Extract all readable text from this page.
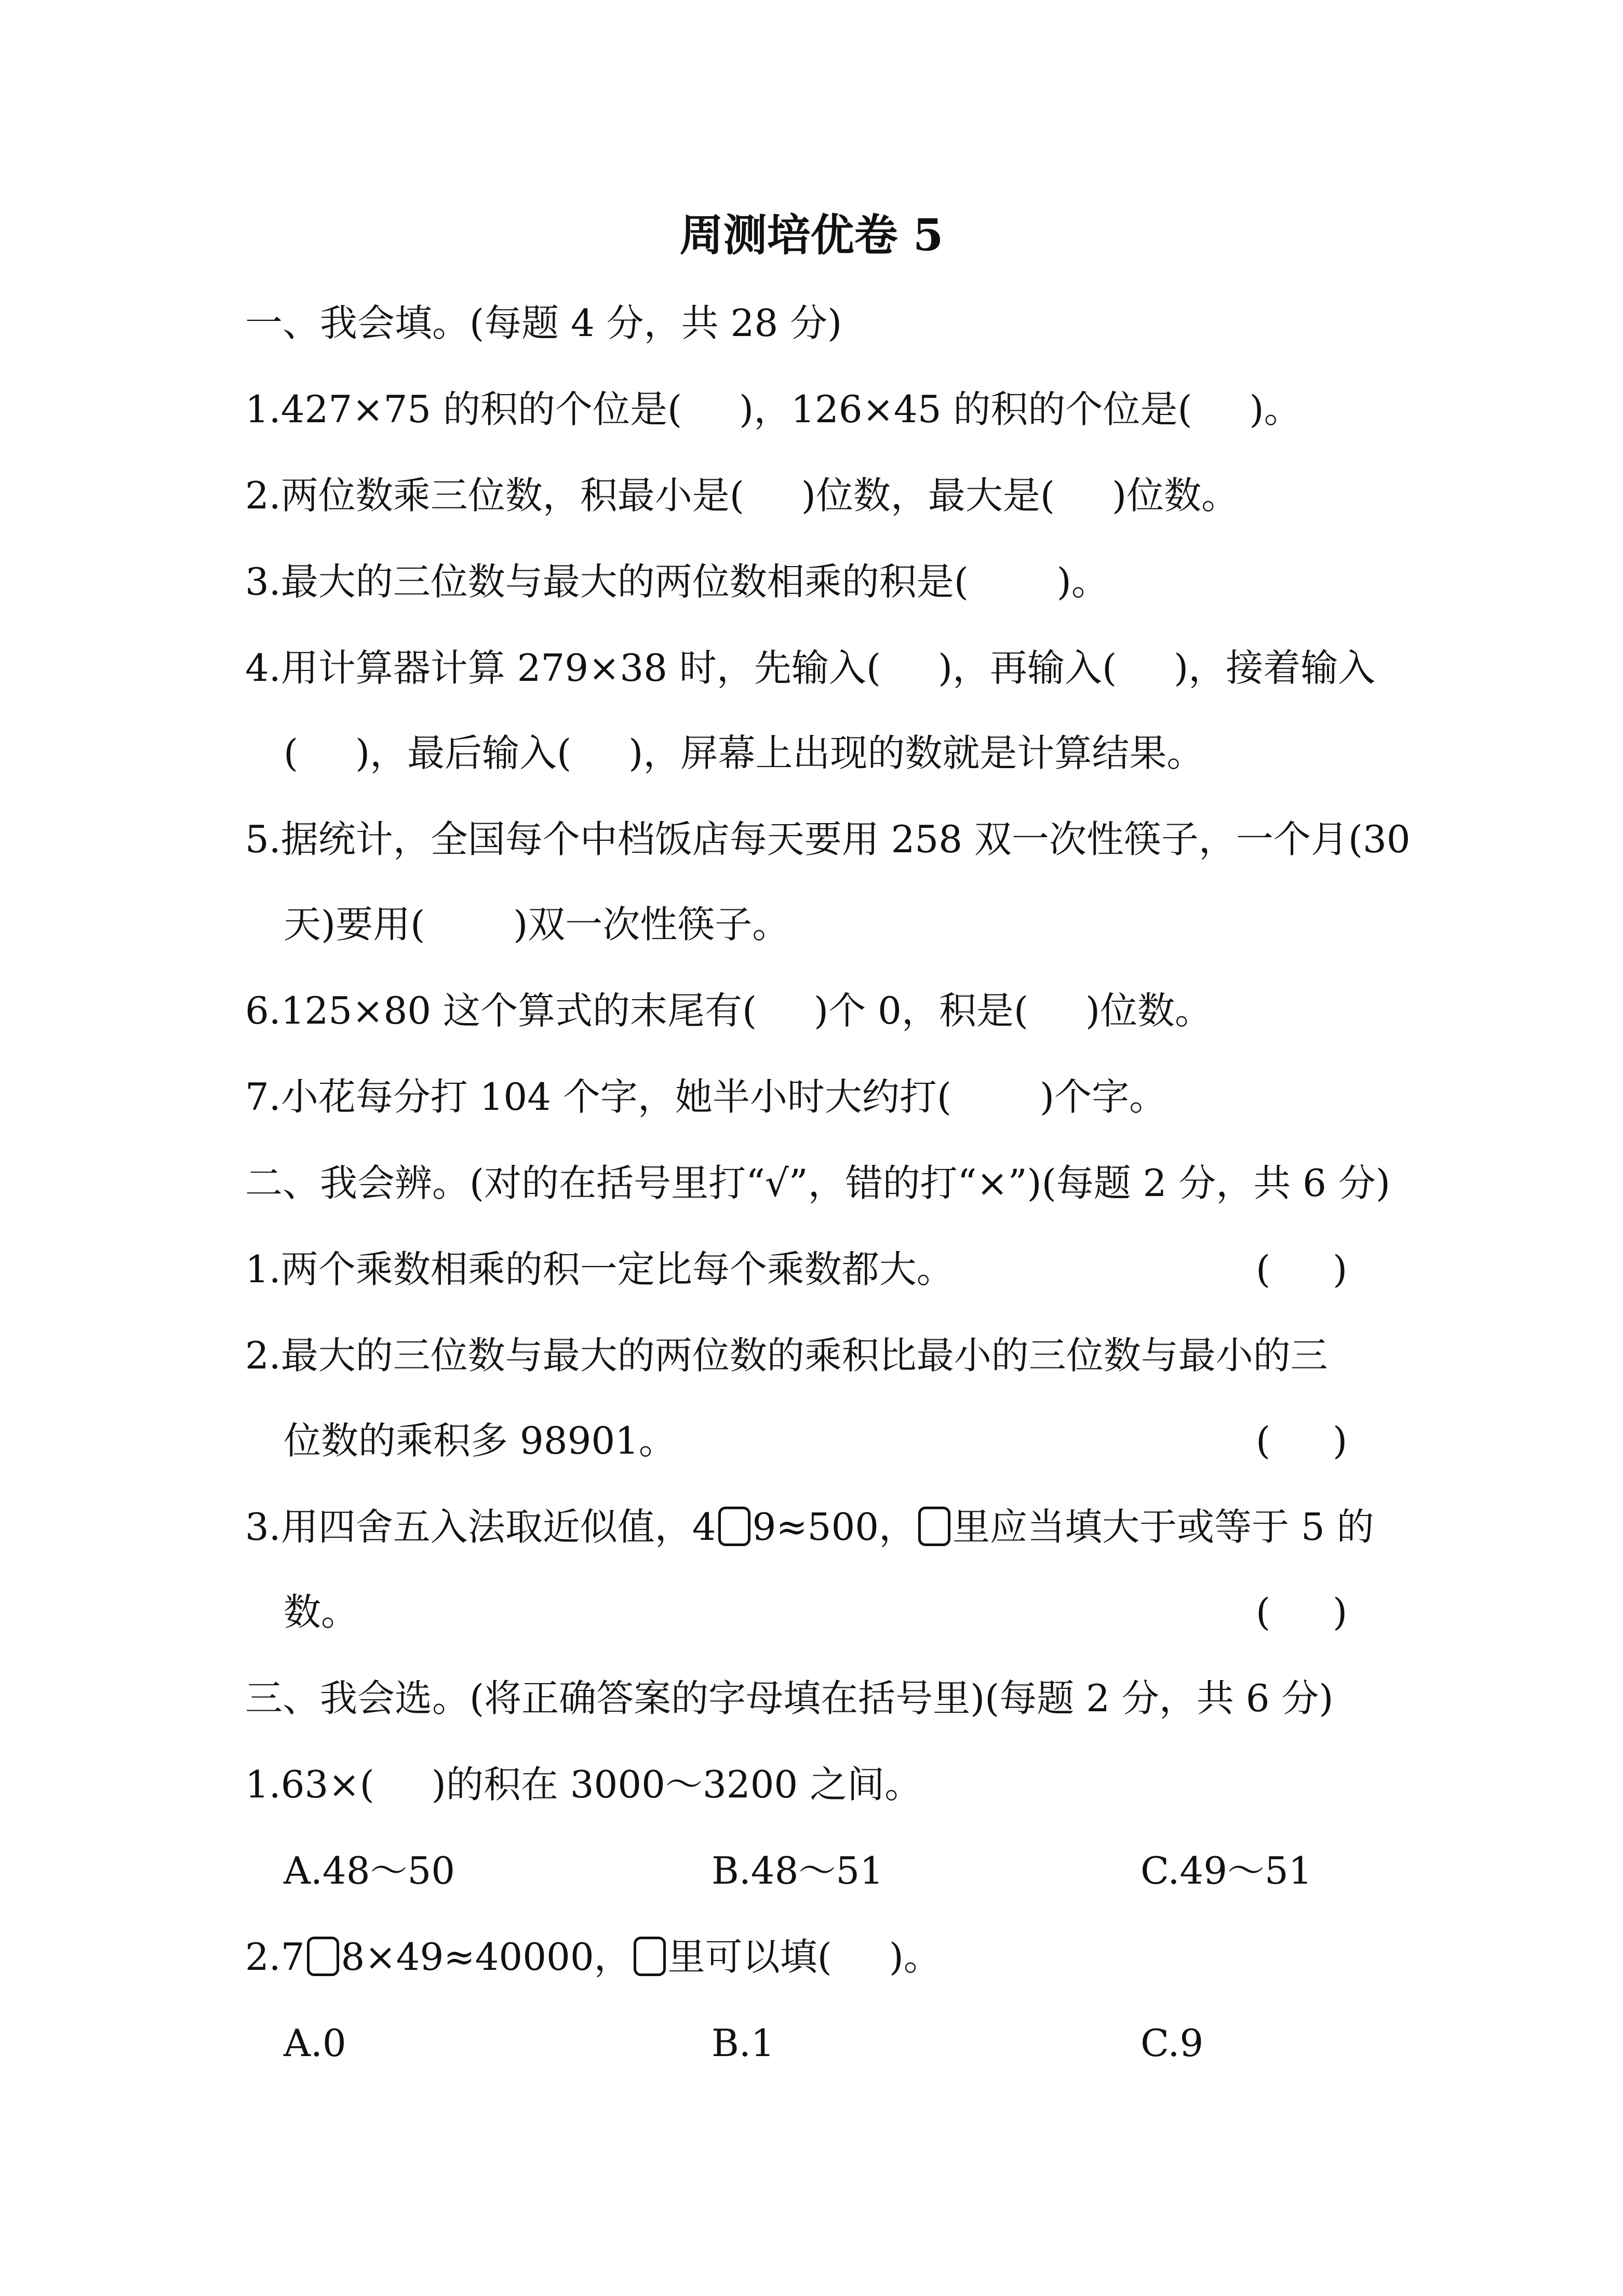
周测培优卷 5
一、我会填。(每题 4 分，共 28 分)
1.427×75 的积的个位是( )，126×45 的积的个位是( )。
2.两位数乘三位数，积最小是( )位数，最大是( )位数。
3.最大的三位数与最大的两位数相乘的积是( )。
4.用计算器计算 279×38 时，先输入( )，再输入( )，接着输入
( )，最后输入( )，屏幕上出现的数就是计算结果。
5.据统计，全国每个中档饭店每天要用 258 双一次性筷子，一个月(30
天)要用( )双一次性筷子。
6.125×80 这个算式的末尾有( )个 0，积是( )位数。
7.小花每分打 104 个字，她半小时大约打( )个字。
二、我会辨。(对的在括号里打“√”，错的打“×”)(每题 2 分，共 6 分)
1.两个乘数相乘的积一定比每个乘数都大。	( )
2.最大的三位数与最大的两位数的乘积比最小的三位数与最小的三
位数的乘积多 98901。	( )
3.用四舍五入法取近似值，4 9≈500， 里应当填大于或等于 5 的
数。	( )
三、我会选。(将正确答案的字母填在括号里)(每题 2 分，共 6 分)
1.63×( )的积在 3000～3200 之间。
A.48～50	B.48～51	C.49～51
2.7 8×49≈40000， 里可以填( )。
A.0	B.1	C.9
